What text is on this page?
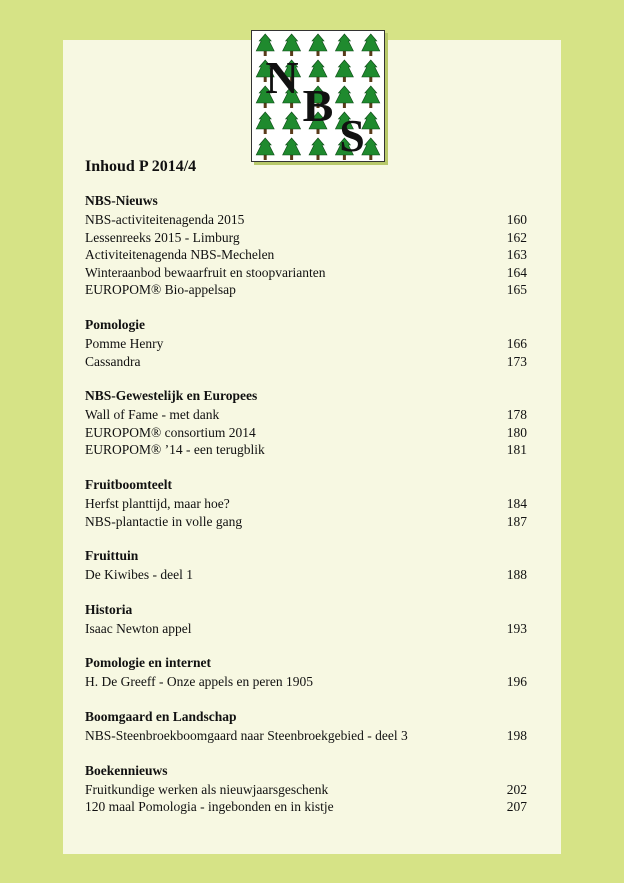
N
B
S
Inhoud P 2014/4
NBS-Nieuws
NBS-activiteitenagenda 2015	160
Lessenreeks 2015 - Limburg	162
Activiteitenagenda NBS-Mechelen	163
Winteraanbod bewaarfruit en stoopvarianten	164
EUROPOM® Bio-appelsap	165
Pomologie
Pomme Henry	166
Cassandra	173
NBS-Gewestelijk en Europees
Wall of Fame - met dank	178
EUROPOM® consortium 2014	180
EUROPOM® ’14 - een terugblik	181
Fruitboomteelt
Herfst planttijd, maar hoe?	184
NBS-plantactie in volle gang	187
Fruittuin
De Kiwibes - deel 1	188
Historia
Isaac Newton appel	193
Pomologie en internet
H. De Greeff - Onze appels en peren 1905	196
Boomgaard en Landschap
NBS-Steenbroekboomgaard naar Steenbroekgebied - deel 3	198
Boekennieuws
Fruitkundige werken als nieuwjaarsgeschenk	202
120 maal Pomologia - ingebonden en in kistje	207
